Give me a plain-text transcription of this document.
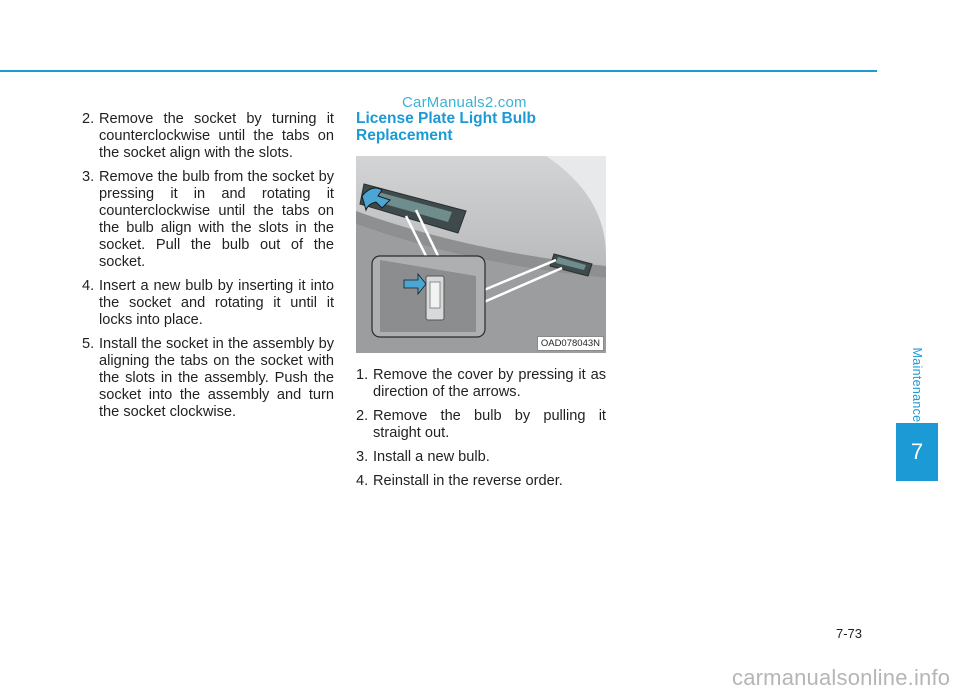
CarManuals2.com
2. Remove the socket by turning it counterclockwise until the tabs on the socket align with the slots.
3. Remove the bulb from the socket by pressing it in and rotating it counterclockwise until the tabs on the bulb align with the slots in the socket. Pull the bulb out of the socket.
4. Insert a new bulb by inserting it into the socket and rotating it until it locks into place.
5. Install the socket in the assembly by aligning the tabs on the socket with the slots in the assembly. Push the socket into the assembly and turn the socket clockwise.
License Plate Light Bulb
Replacement
OAD078043N
1. Remove the cover by pressing it as direction of the arrows.
2. Remove the bulb by pulling it straight out.
3. Install a new bulb.
4. Reinstall in the reverse order.
Maintenance
7
7-73
carmanualsonline.info
